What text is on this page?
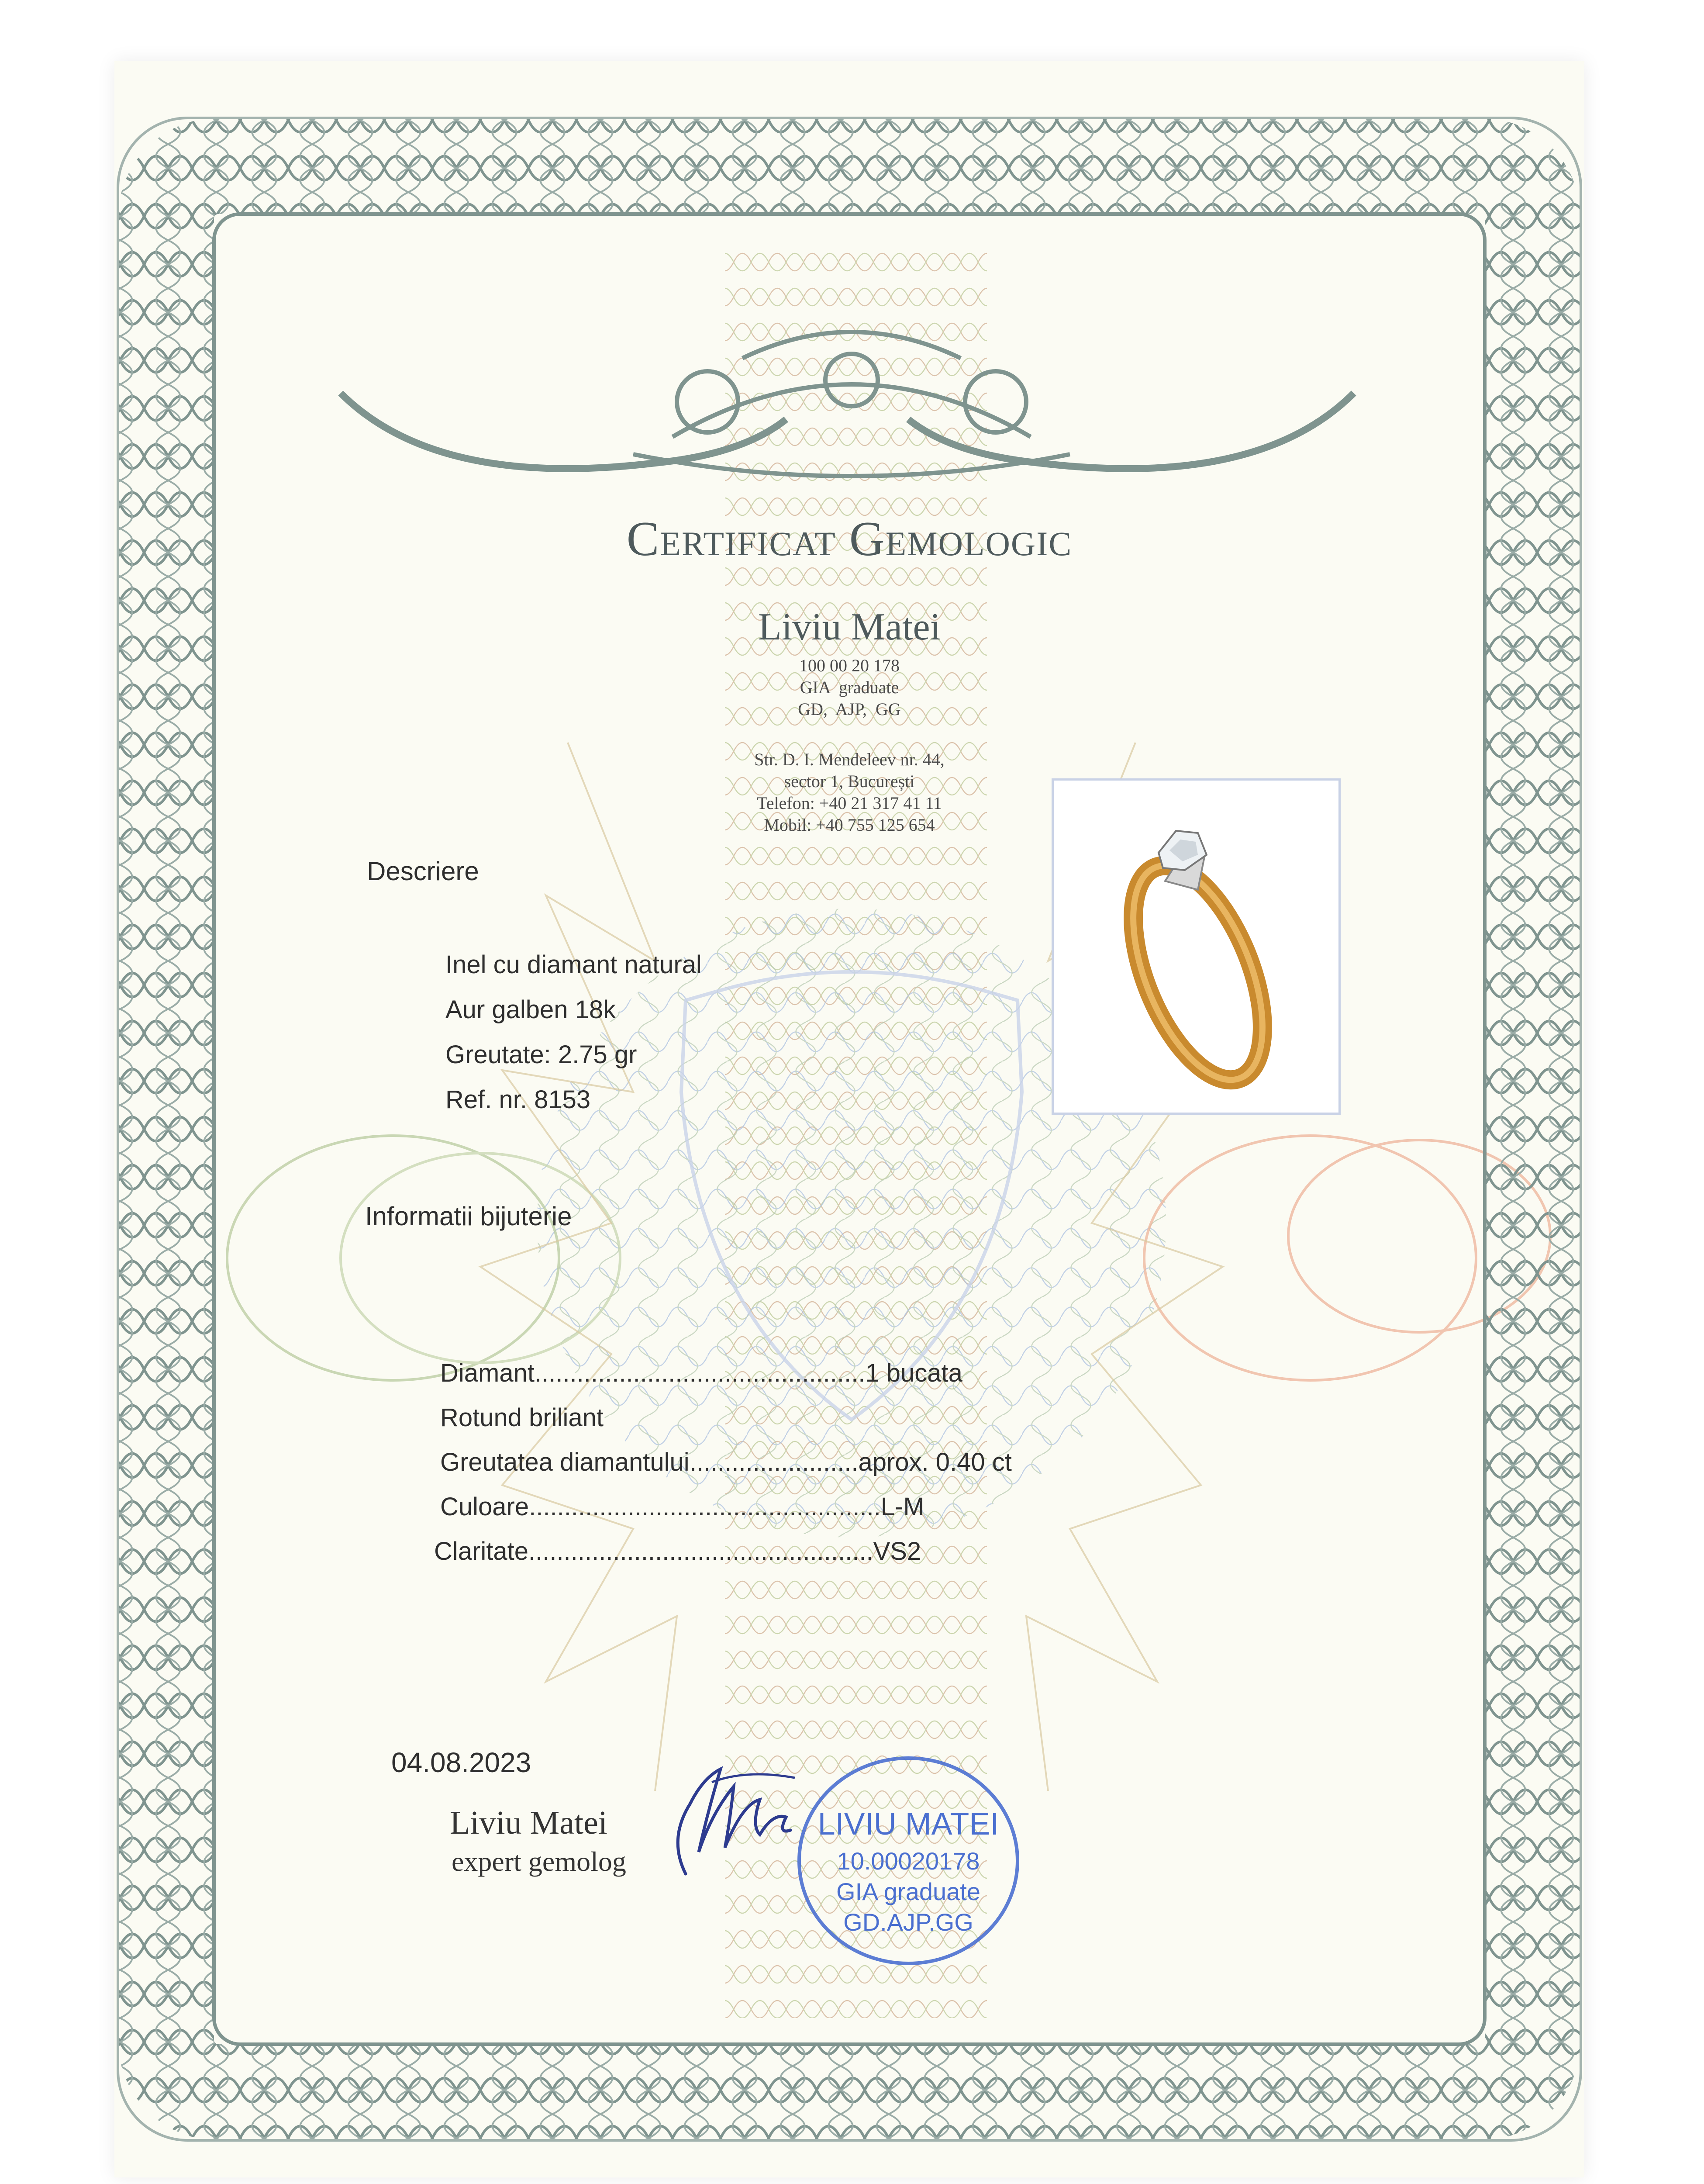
Certificat Gemologic
Liviu Matei
100 00 20 178
GIA  graduate
GD,  AJP,  GG
Str. D. I. Mendeleev nr. 44,
sector 1, București
Telefon: +40 21 317 41 11
Mobil: +40 755 125 654
Descriere
Inel cu diamant natural
Aur galben 18k
Greutate: 2.75 gr
Ref. nr. 8153
Informatii bijuterie
Diamant...............................................1 bucata
Rotund briliant
Greutatea diamantului........................aprox. 0.40 ct
Culoare..................................................L-M
Claritate.................................................VS2
04.08.2023
Liviu Matei
expert gemolog
LIVIU MATEI
10.00020178
GIA graduate
GD.AJP.GG
